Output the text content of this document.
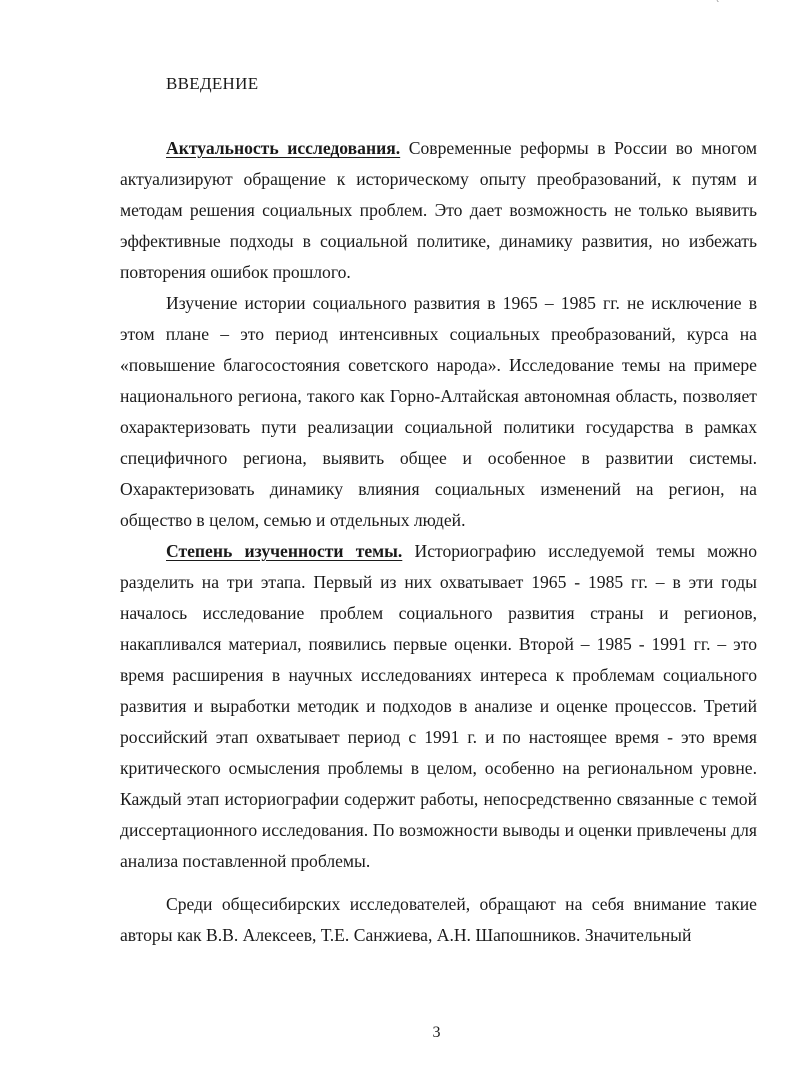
`
ВВЕДЕНИЕ

Актуальность исследования. Современные реформы в России во многом актуализируют обращение к историческому опыту преобразований, к путям и методам решения социальных проблем. Это дает возможность не только выявить эффективные подходы в социальной политике, динамику развития, но избежать повторения ошибок прошлого.

Изучение истории социального развития в 1965 – 1985 гг. не исключение в этом плане – это период интенсивных социальных преобразований, курса на «повышение благосостояния советского народа». Исследование темы на примере национального региона, такого как Горно-Алтайская автономная область, позволяет охарактеризовать пути реализации социальной политики государства в рамках специфичного региона, выявить общее и особенное в развитии системы. Охарактеризовать динамику влияния социальных изменений на регион, на общество в целом, семью и отдельных людей.

Степень изученности темы. Историографию исследуемой темы можно разделить на три этапа. Первый из них охватывает 1965 - 1985 гг. – в эти годы началось исследование проблем социального развития страны и регионов, накапливался материал, появились первые оценки. Второй – 1985 - 1991 гг. – это время расширения в научных исследованиях интереса к проблемам социального развития и выработки методик и подходов в анализе и оценке процессов. Третий российский этап охватывает период с 1991 г. и по настоящее время - это время критического осмысления проблемы в целом, особенно на региональном уровне. Каждый этап историографии содержит работы, непосредственно связанные с темой диссертационного исследования. По возможности выводы и оценки привлечены для анализа поставленной проблемы.

Среди общесибирских исследователей, обращают на себя внимание такие авторы как В.В. Алексеев, Т.Е. Санжиева, А.Н. Шапошников. Значительный

3
